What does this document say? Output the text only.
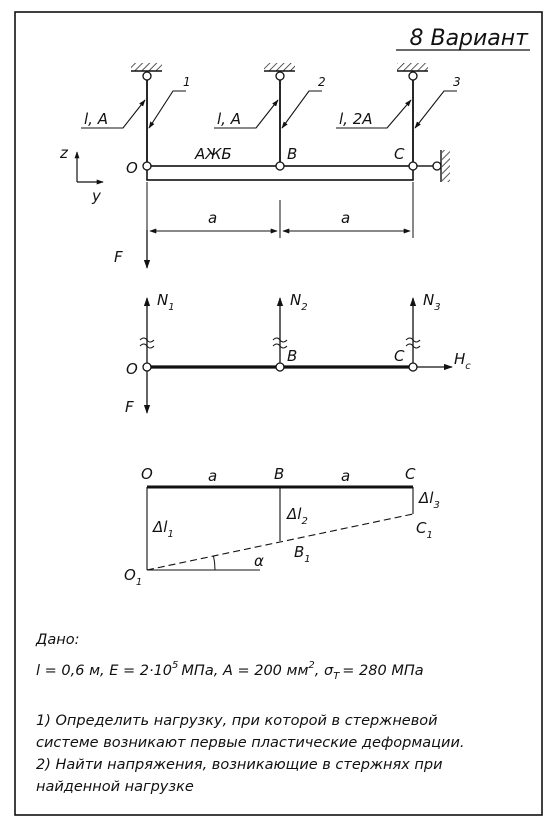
8 Вариант
1	2	3
l, A	l, A	l, 2A
АЖБ
O
B	C
z
y
a	a
F
$N_1$	$N_2$	$N_3$
$H_c$
O
B	C
F
O	B	C
a	a
$\Delta l_1$
$\Delta l_2$
$\Delta l_3$
$O_1$
$B_1$
$C_1$
α
Дано:
l = 0,6 м, $E = 2\cdot 10^5$ МПа, A = 200 $мм^2$, $\sigma_T = 280$ МПа
1) Определить нагрузку, при которой в стержневой
системе возникают первые пластические деформации.
2) Найти напряжения, возникающие в стержнях при
найденной нагрузке
